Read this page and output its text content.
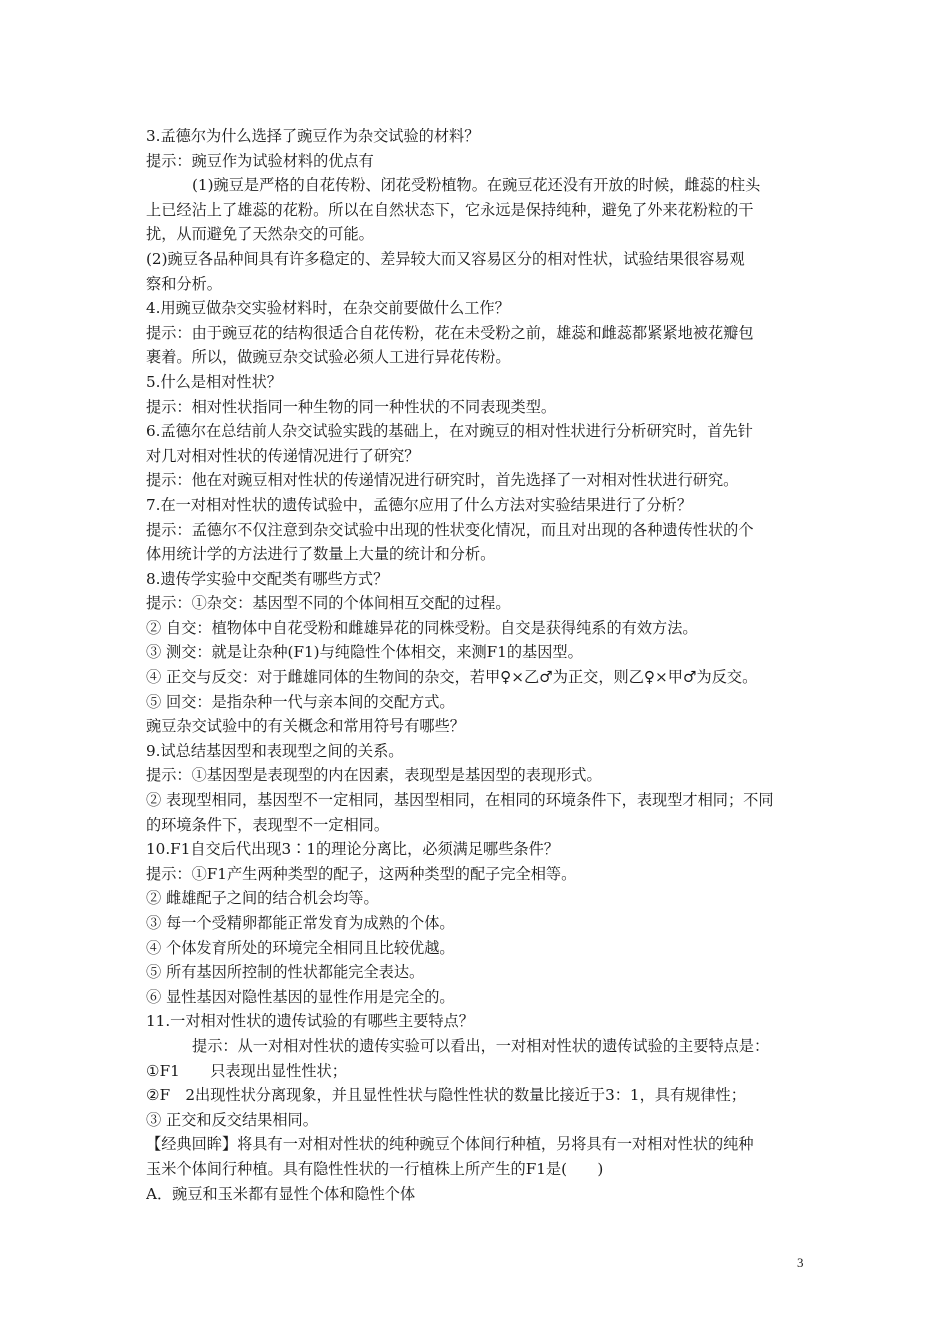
3.孟德尔为什么选择了豌豆作为杂交试验的材料？
提示：豌豆作为试验材料的优点有
(1)豌豆是严格的自花传粉、闭花受粉植物。在豌豆花还没有开放的时候，雌蕊的柱头
上已经沾上了雄蕊的花粉。所以在自然状态下，它永远是保持纯种，避免了外来花粉粒的干
扰，从而避免了天然杂交的可能。
(2)豌豆各品种间具有许多稳定的、差异较大而又容易区分的相对性状，试验结果很容易观
察和分析。
4.用豌豆做杂交实验材料时，在杂交前要做什么工作？
提示：由于豌豆花的结构很适合自花传粉，花在未受粉之前，雄蕊和雌蕊都紧紧地被花瓣包
裹着。所以，做豌豆杂交试验必须人工进行异花传粉。
5.什么是相对性状？
提示：相对性状指同一种生物的同一种性状的不同表现类型。
6.孟德尔在总结前人杂交试验实践的基础上，在对豌豆的相对性状进行分析研究时，首先针
对几对相对性状的传递情况进行了研究？
提示：他在对豌豆相对性状的传递情况进行研究时，首先选择了一对相对性状进行研究。
7.在一对相对性状的遗传试验中，孟德尔应用了什么方法对实验结果进行了分析？
提示：孟德尔不仅注意到杂交试验中出现的性状变化情况，而且对出现的各种遗传性状的个
体用统计学的方法进行了数量上大量的统计和分析。
8.遗传学实验中交配类有哪些方式？
提示：①杂交：基因型不同的个体间相互交配的过程。
② 自交：植物体中自花受粉和雌雄异花的同株受粉。自交是获得纯系的有效方法。
③ 测交：就是让杂种(F1)与纯隐性个体相交，来测F1的基因型。
④ 正交与反交：对于雌雄同体的生物间的杂交，若甲♀×乙♂为正交，则乙♀×甲♂为反交。
⑤ 回交：是指杂种一代与亲本间的交配方式。
豌豆杂交试验中的有关概念和常用符号有哪些？
9.试总结基因型和表现型之间的关系。
提示：①基因型是表现型的内在因素，表现型是基因型的表现形式。
② 表现型相同，基因型不一定相同，基因型相同，在相同的环境条件下，表现型才相同；不同
的环境条件下，表现型不一定相同。
10.F1自交后代出现3∶1的理论分离比，必须满足哪些条件？
提示：①F1产生两种类型的配子，这两种类型的配子完全相等。
② 雌雄配子之间的结合机会均等。
③ 每一个受精卵都能正常发育为成熟的个体。
④ 个体发育所处的环境完全相同且比较优越。
⑤ 所有基因所控制的性状都能完全表达。
⑥ 显性基因对隐性基因的显性作用是完全的。
11.一对相对性状的遗传试验的有哪些主要特点？
提示：从一对相对性状的遗传实验可以看出，一对相对性状的遗传试验的主要特点是：
①F1　　只表现出显性性状；
②F　2出现性状分离现象，并且显性性状与隐性性状的数量比接近于3：1，具有规律性；
③ 正交和反交结果相同。
【经典回眸】将具有一对相对性状的纯种豌豆个体间行种植，另将具有一对相对性状的纯种
玉米个体间行种植。具有隐性性状的一行植株上所产生的F1是(　　)
A．豌豆和玉米都有显性个体和隐性个体
3
